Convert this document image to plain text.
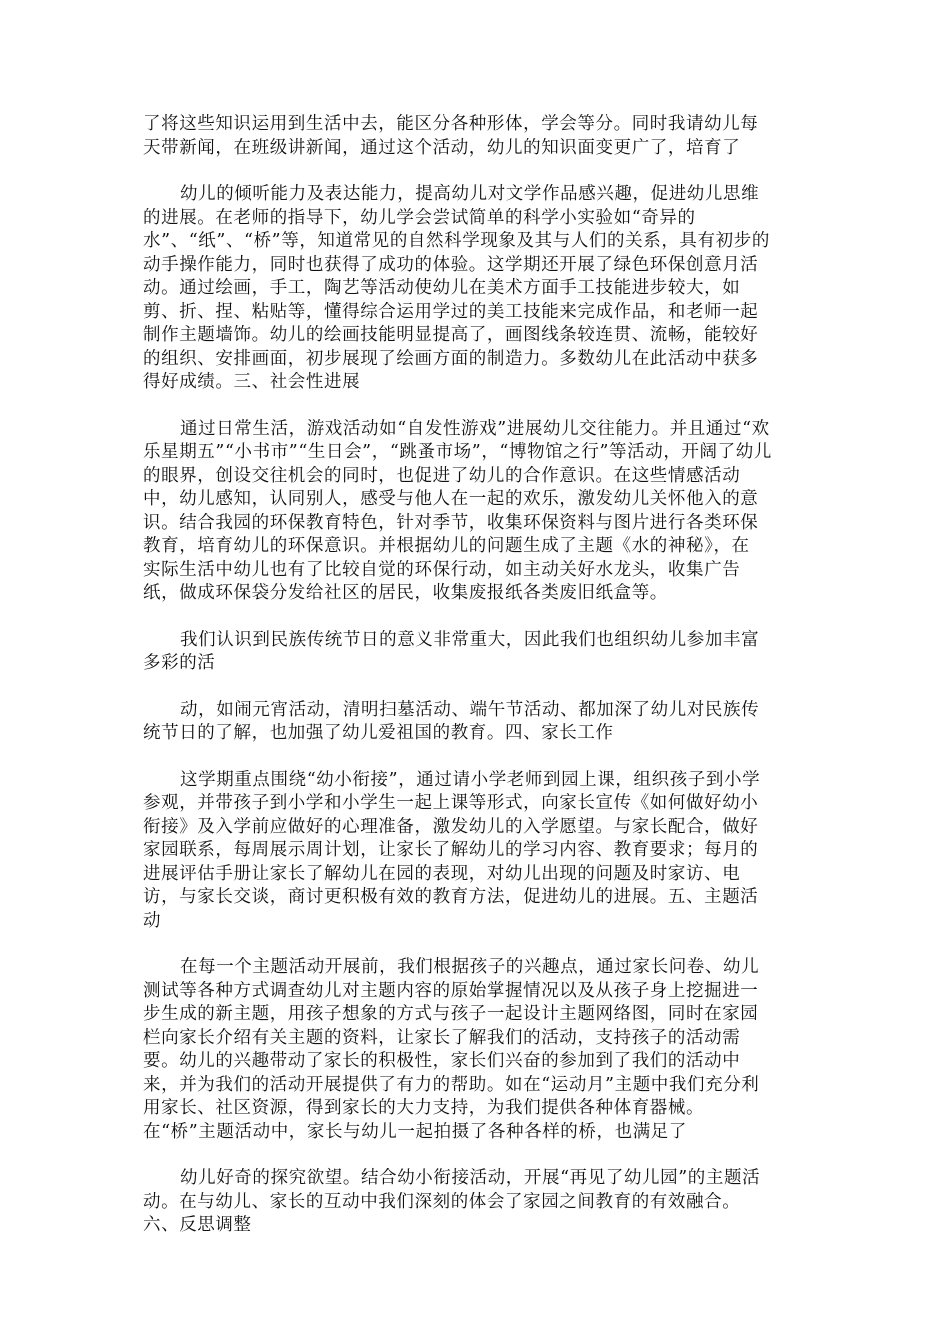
了将这些知识运用到生活中去，能区分各种形体，学会等分。同时我请幼儿每
天带新闻，在班级讲新闻，通过这个活动，幼儿的知识面变更广了，培育了
幼儿的倾听能力及表达能力，提高幼儿对文学作品感兴趣，促进幼儿思维
的进展。在老师的指导下，幼儿学会尝试简单的科学小实验如“奇异的
水”、“纸”、“桥”等，知道常见的自然科学现象及其与人们的关系，具有初步的
动手操作能力，同时也获得了成功的体验。这学期还开展了绿色环保创意月活
动。通过绘画，手工，陶艺等活动使幼儿在美术方面手工技能进步较大，如
剪、折、捏、粘贴等，懂得综合运用学过的美工技能来完成作品，和老师一起
制作主题墙饰。幼儿的绘画技能明显提高了，画图线条较连贯、流畅，能较好
的组织、安排画面，初步展现了绘画方面的制造力。多数幼儿在此活动中获多
得好成绩。三、社会性进展
通过日常生活，游戏活动如“自发性游戏”进展幼儿交往能力。并且通过“欢
乐星期五”“小书市”“生日会”，“跳蚤市场”，“博物馆之行”等活动，开阔了幼儿
的眼界，创设交往机会的同时，也促进了幼儿的合作意识。在这些情感活动
中，幼儿感知，认同别人，感受与他人在一起的欢乐，激发幼儿关怀他入的意
识。结合我园的环保教育特色，针对季节，收集环保资料与图片进行各类环保
教育，培育幼儿的环保意识。并根据幼儿的问题生成了主题《水的神秘》，在
实际生活中幼儿也有了比较自觉的环保行动，如主动关好水龙头，收集广告
纸，做成环保袋分发给社区的居民，收集废报纸各类废旧纸盒等。
我们认识到民族传统节日的意义非常重大，因此我们也组织幼儿参加丰富
多彩的活
动，如闹元宵活动，清明扫墓活动、端午节活动、都加深了幼儿对民族传
统节日的了解，也加强了幼儿爱祖国的教育。四、家长工作
这学期重点围绕“幼小衔接”，通过请小学老师到园上课，组织孩子到小学
参观，并带孩子到小学和小学生一起上课等形式，向家长宣传《如何做好幼小
衔接》及入学前应做好的心理准备，激发幼儿的入学愿望。与家长配合，做好
家园联系，每周展示周计划，让家长了解幼儿的学习内容、教育要求；每月的
进展评估手册让家长了解幼儿在园的表现，对幼儿出现的问题及时家访、电
访，与家长交谈，商讨更积极有效的教育方法，促进幼儿的进展。五、主题活
动
在每一个主题活动开展前，我们根据孩子的兴趣点，通过家长问卷、幼儿
测试等各种方式调查幼儿对主题内容的原始掌握情况以及从孩子身上挖掘进一
步生成的新主题，用孩子想象的方式与孩子一起设计主题网络图，同时在家园
栏向家长介绍有关主题的资料，让家长了解我们的活动，支持孩子的活动需
要。幼儿的兴趣带动了家长的积极性，家长们兴奋的参加到了我们的活动中
来，并为我们的活动开展提供了有力的帮助。如在“运动月”主题中我们充分利
用家长、社区资源，得到家长的大力支持，为我们提供各种体育器械。
在“桥”主题活动中，家长与幼儿一起拍摄了各种各样的桥，也满足了
幼儿好奇的探究欲望。结合幼小衔接活动，开展“再见了幼儿园”的主题活
动。在与幼儿、家长的互动中我们深刻的体会了家园之间教育的有效融合。
六、反思调整
